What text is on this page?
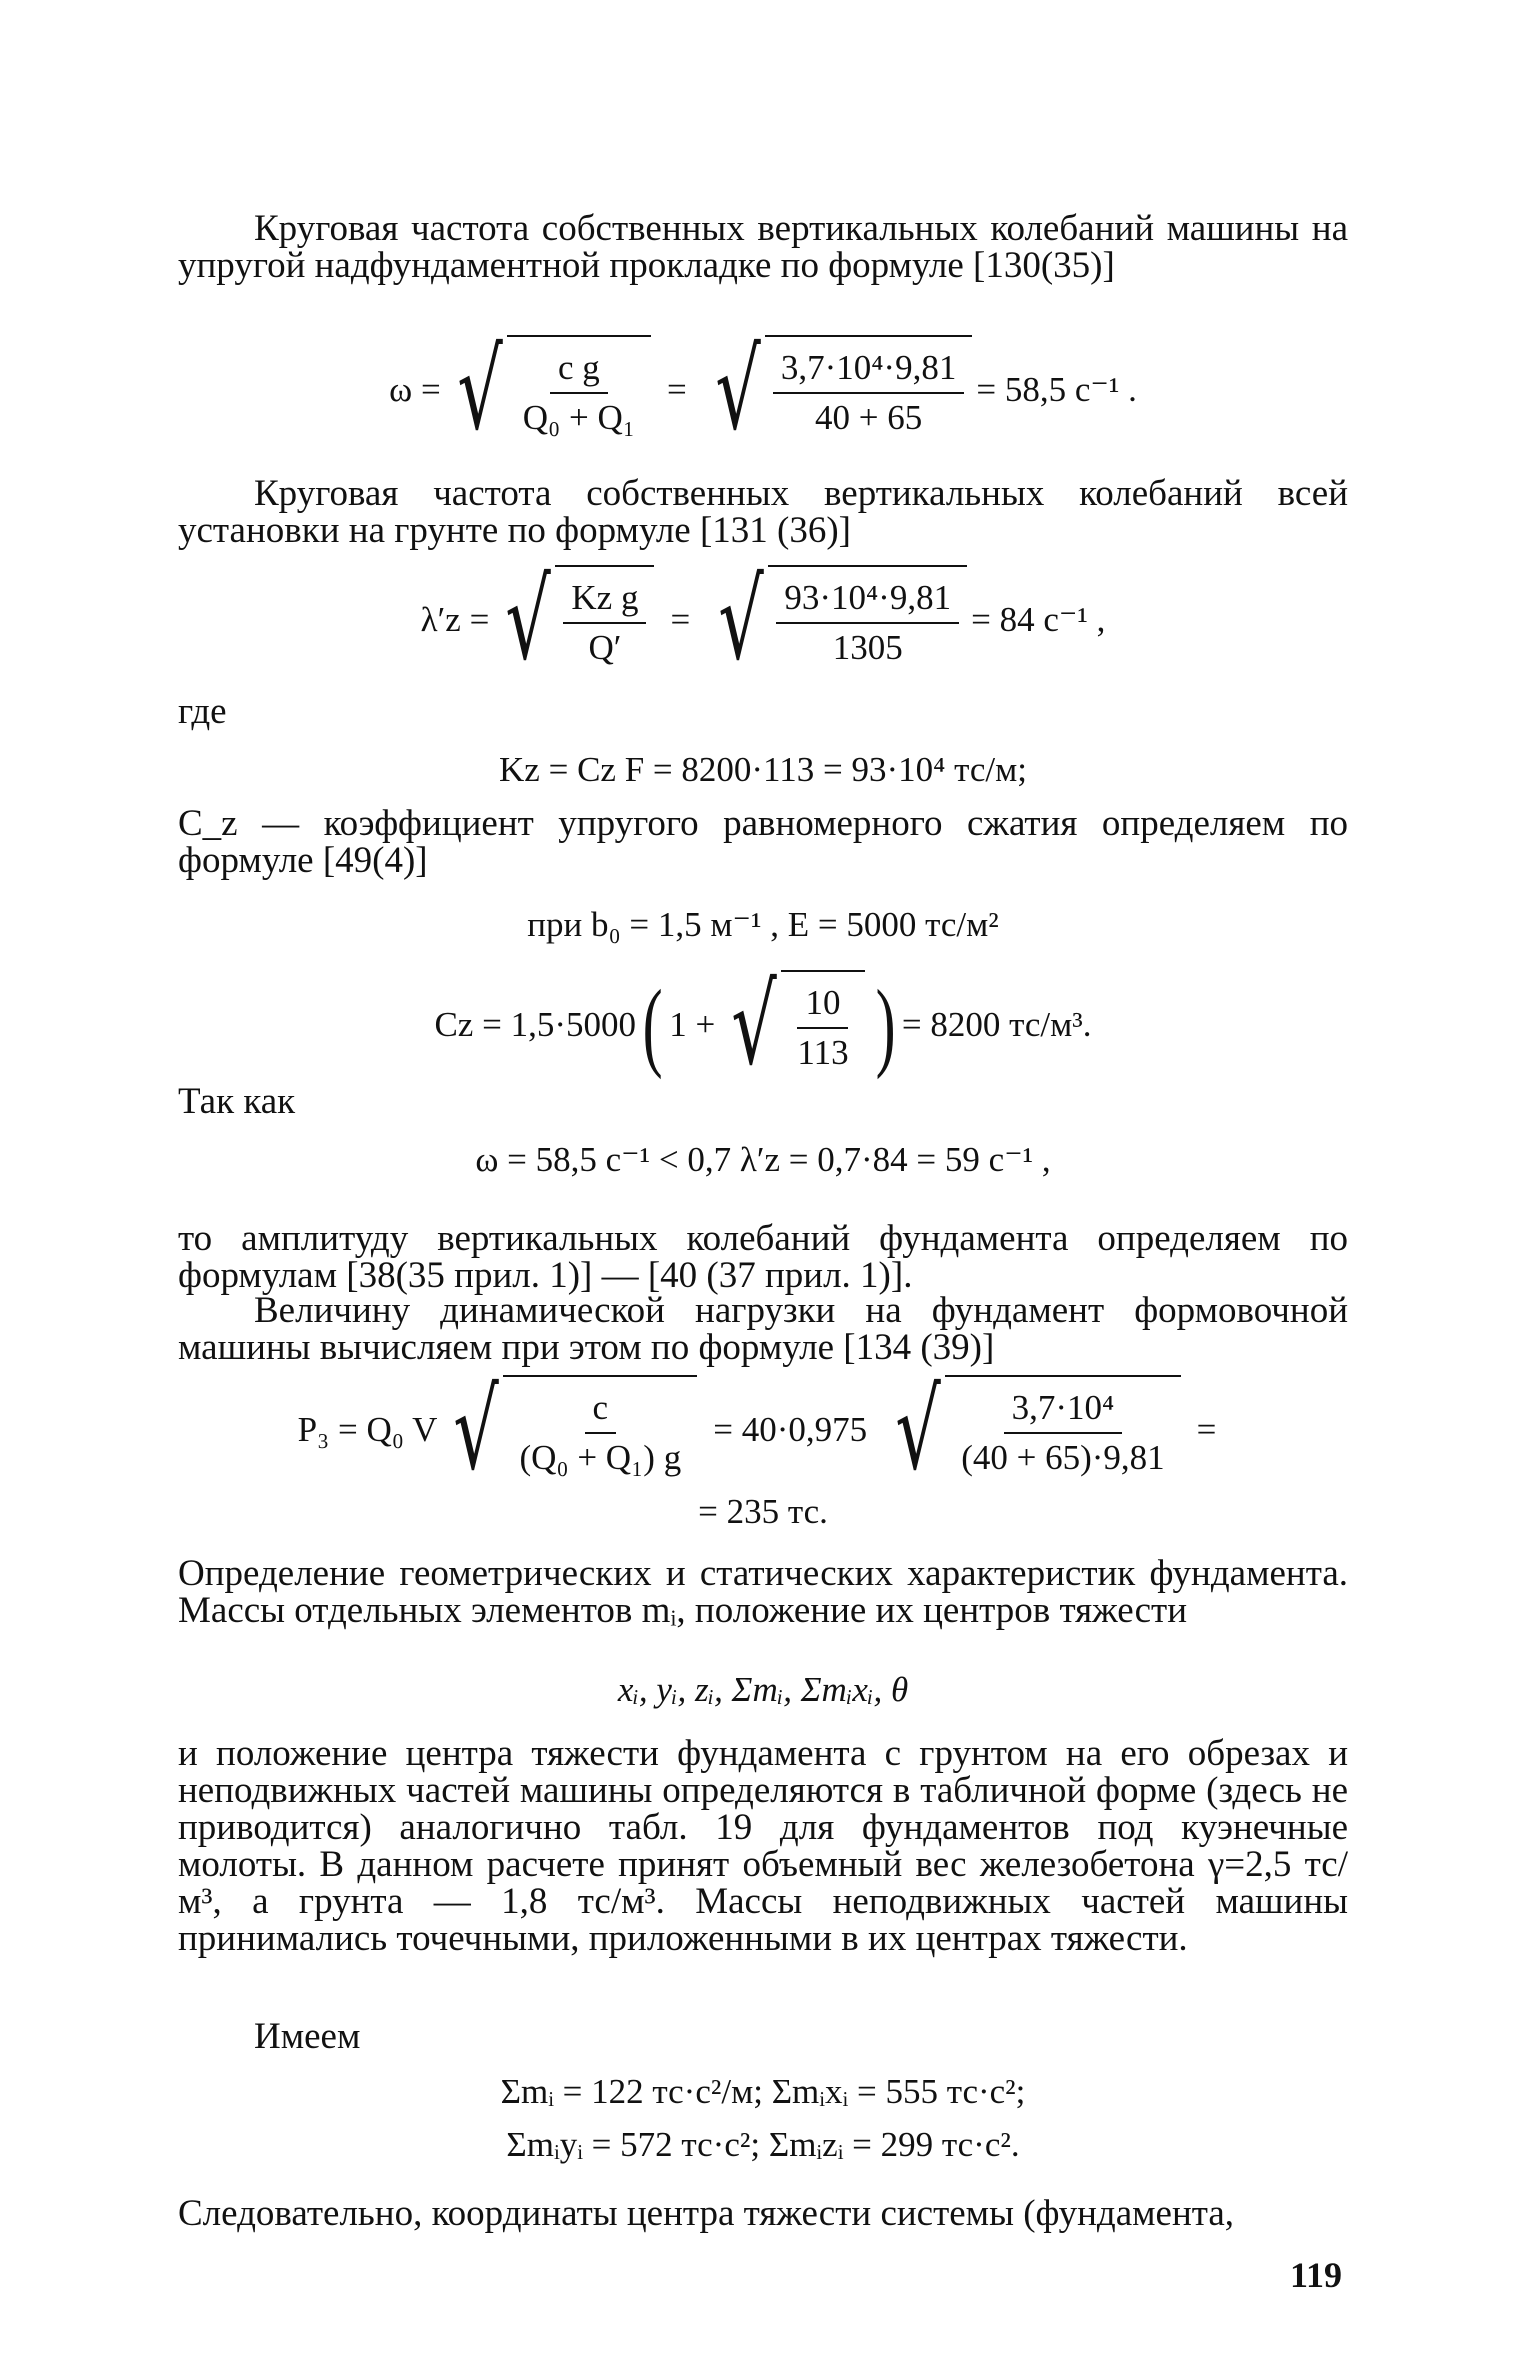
Круговая частота собственных вертикальных колебаний машины на упругой надфундаментной прокладке по формуле [130(35)]

ω = √ $\frac{\text{c g}}{\text{Q₀ + Q₁}}$ = √ $\frac{\text{3,7·10⁴·9,81}}{40 + 65} = 58,5$ с⁻¹ .

Круговая частота собственных вертикальных колебаний всей установки на грунте по формуле [131 (36)]

λ′z = √ $\frac{\text{Kz g}}{Q'}$ = √ $\frac{\text{93·10⁴·9,81}}{1305} = 84$ с⁻¹ ,

где

Kz = Cz F = 8200·113 = 93·10⁴ тс/м;

C_z — коэффициент упругого равномерного сжатия определяем по формуле [49(4)]

при b₀ = 1,5 м⁻¹ , E = 5000 тс/м²
Cz = 1,5·5000 ( 1 + √ $\frac{10}{113}$ ) = 8200 тс/м³.

Так как

ω = 58,5 с⁻¹ < 0,7 λ′z = 0,7·84 = 59 с⁻¹ ,

то амплитуду вертикальных колебаний фундамента определяем по формулам [38(35 прил. 1)] — [40 (37 прил. 1)].

Величину динамической нагрузки на фундамент формовочной машины вычисляем при этом по формуле [134 (39)]

P₃ = Q₀ V √ $\frac{c}{\text{(Q₀ + Q₁) g}} = 40\cdot 0,975$ √ $\frac{\text{3,7·10⁴}}{(40 + 65)\cdot 9,81}$ =
= 235 тс.

Определение геометрических и статических характеристик фундамента. Массы отдельных элементов mᵢ, положение их центров тяжести

xᵢ, yᵢ, zᵢ, Σmᵢ, Σmᵢxᵢ, θ

и положение центра тяжести фундамента с грунтом на его обрезах и неподвижных частей машины определяются в табличной форме (здесь не приводится) аналогично табл. 19 для фундаментов под куэнечные молоты. В данном расчете принят объемный вес железобетона γ=2,5 тс/м³, а грунта — 1,8 тс/м³. Массы неподвижных частей машины принимались точечными, приложенными в их центрах тяжести.

Имеем

Σmᵢ = 122 тс·с²/м; Σmᵢxᵢ = 555 тс·с²;
Σmᵢyᵢ = 572 тс·с²; Σmᵢzᵢ = 299 тс·с².

Следовательно, координаты центра тяжести системы (фундамента,

119
